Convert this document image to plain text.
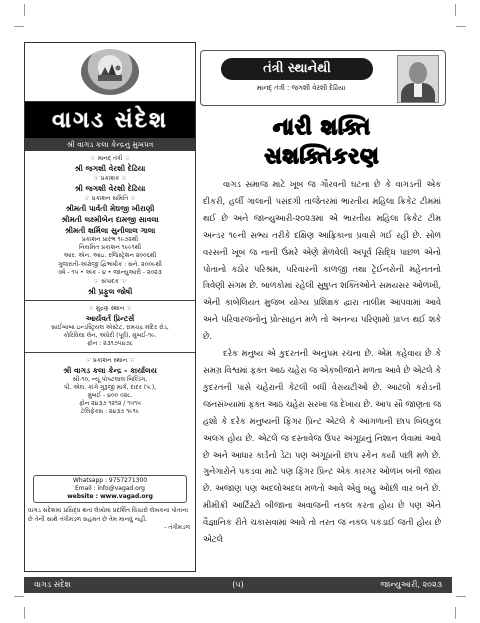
વાગડ સંદેશ
શ્રી વાગડ કલા કેન્દ્રનું મુખપત્ર
☞ માનદ્ તંત્રી ☜
શ્રી જગશી વેરશી દેઢિયા
☞ પ્રકાશક ☜
શ્રી જગશી વેરશી દેઢિયા
☞ પ્રકાશન સમિતિ ☜
શ્રીમતી પાર્વતી મેઘજી ખીરાણી
શ્રીમતી લક્ષ્મીબેન દામજી સાવલા
શ્રીમતી શર્મિલા સુનીલાલ ગાલા
પ્રકાશન પ્રારંભ ૧૯૭૨થી
નિયમિત પ્રકાશન ૧૯૯૧થી
આર. એન. આઇ. રજિસ્ટ્રેશન ૨૦૦૬થી
ગુજરાતી-અંગ્રેજી દ્વિભાષીક : સને. ૨૦૦૯થી
વર્ષ - ૧૫ • અંક - ૪ • જાન્યુઆરી - ૨૦૨૩
☞ સંપાદક ☜
શ્રી પ્રફુલ જોષી
☞ મુદ્રણ સ્થાન ☜
આર્યવર્ત પ્રિન્ટર્સ
સાઈબાબા ઇન્ડસ્ટ્રિયલ એસ્ટેટ, રામચંદ્ર મંદિર રોડ,
કોરિવિલા લેન, અંધેરી (પૂર્વ), મુંબઈ-૧૯.
ફોન : ૨૩૧૭૫૪૭૮
☞ પ્રકાશન સ્થાન ☜
શ્રી વાગડ કલા કેન્દ્ર - કાર્યાલય
સી-૧૦, ન્યૂ પોપટલાલ બિલ્ડિંગ,
પી. એલ. કાંગે ગુરૂજી માર્ગ, દાદર (પ.),
મુંબઈ - ૪૦૦ ૦૨૮.
ફોન ૨૪૩૭ ૧૨૧૨ / ૧૫૧૫
ટેલિફેક્સ : ૨૪૩૭ ૧૯૧૯
Whatsapp : 9757271300
Email : info@vagad.org
website : www.vagad.org
વાગડ સંદેશમાં પ્રસિદ્ધ થતાં લેખોમાં પ્રદર્શિત વિચારો લેખકના પોતાના છે તેની સાથે તંત્રીમંડળ સહમત છે તેમ માનવું નહીં.
- તંત્રીમંડળ
તંત્રી સ્થાનેથી
માનદ્ તંત્રી : જગશી વેરશી દેઢિયા
નારી શક્તિ
સશક્તિકરણ

વાગડ સમાજ માટે ખૂબ જ ગૌરવની ઘટના છે કે વાગડની એક દીકરી, હર્લી ગાલાની પસંદગી તાજેતરમાં ભારતીય મહિલા ક્રિકેટ ટીમમાં થઈ છે અને જાન્યુઆરી-૨૦૨૩માં એ ભારતીય મહિલા ક્રિકેટ ટીમ અન્ડર ૧૯ની સભ્ય તરીકે દક્ષિણ આફ્રિકાના પ્રવાસે ગઈ રહી છે. સોળ વરસની ખૂબ જ નાની ઉંમરે એણે મેળવેલી અપૂર્વ સિદ્ધિ પાછળ એનો પોતાનો કઠોર પરિશ્રમ, પરિવારની કાળજી તથા ટ્રેઈનરોની મહેનતનો ત્રિવેણી સંગમ છે. બાળકોમાં રહેલી સુષુપ્ત શક્તિઓને સમયસર ઓળખી, એની કાબેલિયત મુજબ યોગ્ય પ્રશિક્ષક દ્વારા તાલીમ આપવામાં આવે અને પરિવારજનોનું પ્રોત્સાહન મળે તો અનન્ય પરિણામો પ્રાપ્ત થઈ શકે છે.

દરેક મનુષ્ય એ કુદરતની અનુપમ રચના છે. એમ કહેવાય છે કે સમગ્ર વિશ્વમાં ફક્ત આઠ ચહેરા જ એકબીજાને મળતા આવે છે એટલે કે કુદરતની પાસે ચહેરાની કેટલી બધી વેરાયટીઓ છે. આટલો કરોડની જનસંખ્યામાં ફક્ત આઠ ચહેરા સરખા જ દેખાય છે. આપ સૌ જાણતા જ હશો કે દરેક મનુષ્યની ફિંગર પ્રિન્ટ એટલે કે આંગળાની છાપ બિલકુલ અલગ હોય છે. એટલે જ દસ્તાવેજ ઉપર અંગૂઠાનું નિશાન લેવામાં આવે છે અને આધાર કાર્ડનો ડેટા પણ અંગૂઠાની છાપ સ્કેન કર્યા પછી મળે છે. ગુનેગારોને પકડવા માટે પણ ફિંગર પ્રિન્ટ એક કારગર ઓળખ બની જાય છે. અજાણ પણ અદલોઅદલ મળતો આવે એવું બહુ ઓછી વાર બને છે. મીમીક્રી આર્ટિસ્ટો બીજાના અવાજની નકલ કરતા હોય છે પણ એને વૈજ્ઞાનિક રીતે ચકાસવામાં આવે તો તરત જ નકલ પકડાઈ જતી હોય છે એટલે

વાગડ સંદેશ	(૫)	જાન્યુઆરી, ૨૦૨૩
